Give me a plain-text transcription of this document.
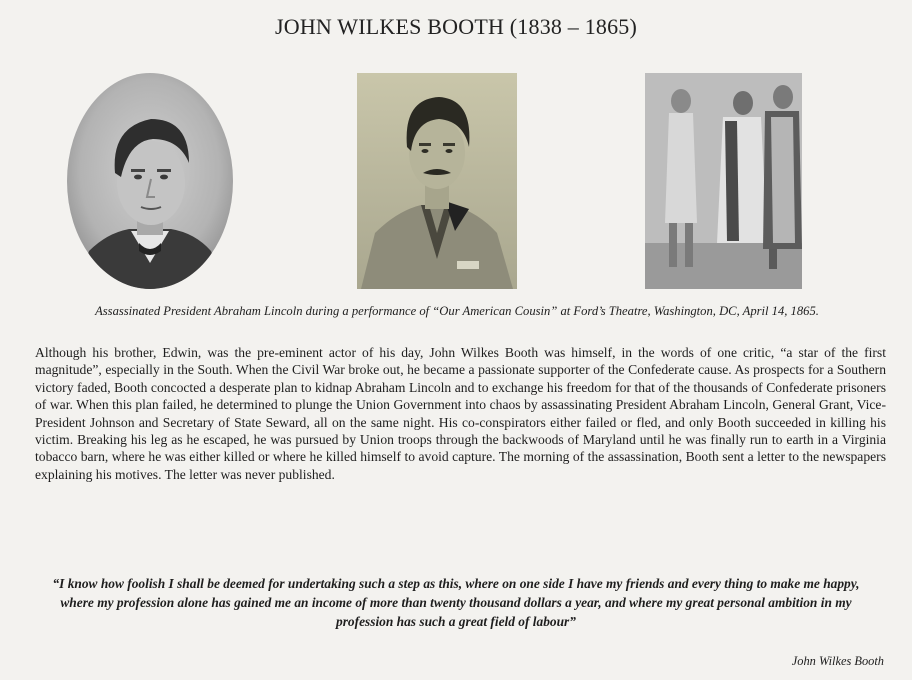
JOHN WILKES BOOTH (1838 – 1865)
Assassinated President Abraham Lincoln during a performance of “Our American Cousin” at Ford’s Theatre, Washington, DC, April 14, 1865.
Although his brother, Edwin, was the pre-eminent actor of his day, John Wilkes Booth was himself, in the words of one critic, “a star of the first magnitude”, especially in the South. When the Civil War broke out, he became a passionate supporter of the Confederate cause. As prospects for a Southern victory faded, Booth concocted a desperate plan to kidnap Abraham Lincoln and to exchange his freedom for that of the thousands of Confederate prisoners of war. When this plan failed, he determined to plunge the Union Government into chaos by assassinating President Abraham Lincoln, General Grant, Vice-President Johnson and Secretary of State Seward, all on the same night. His co-conspirators either failed or fled, and only Booth succeeded in killing his victim. Breaking his leg as he escaped, he was pursued by Union troops through the backwoods of Maryland until he was finally run to earth in a Virginia tobacco barn, where he was either killed or where he killed himself to avoid capture. The morning of the assassination, Booth sent a letter to the newspapers explaining his motives. The letter was never published.
“I know how foolish I shall be deemed for undertaking such a step as this, where on one side I have my friends and every thing to make me happy, where my profession alone has gained me an income of more than twenty thousand dollars a year, and where my great personal ambition in my profession has such a great field of labour”
John Wilkes Booth
